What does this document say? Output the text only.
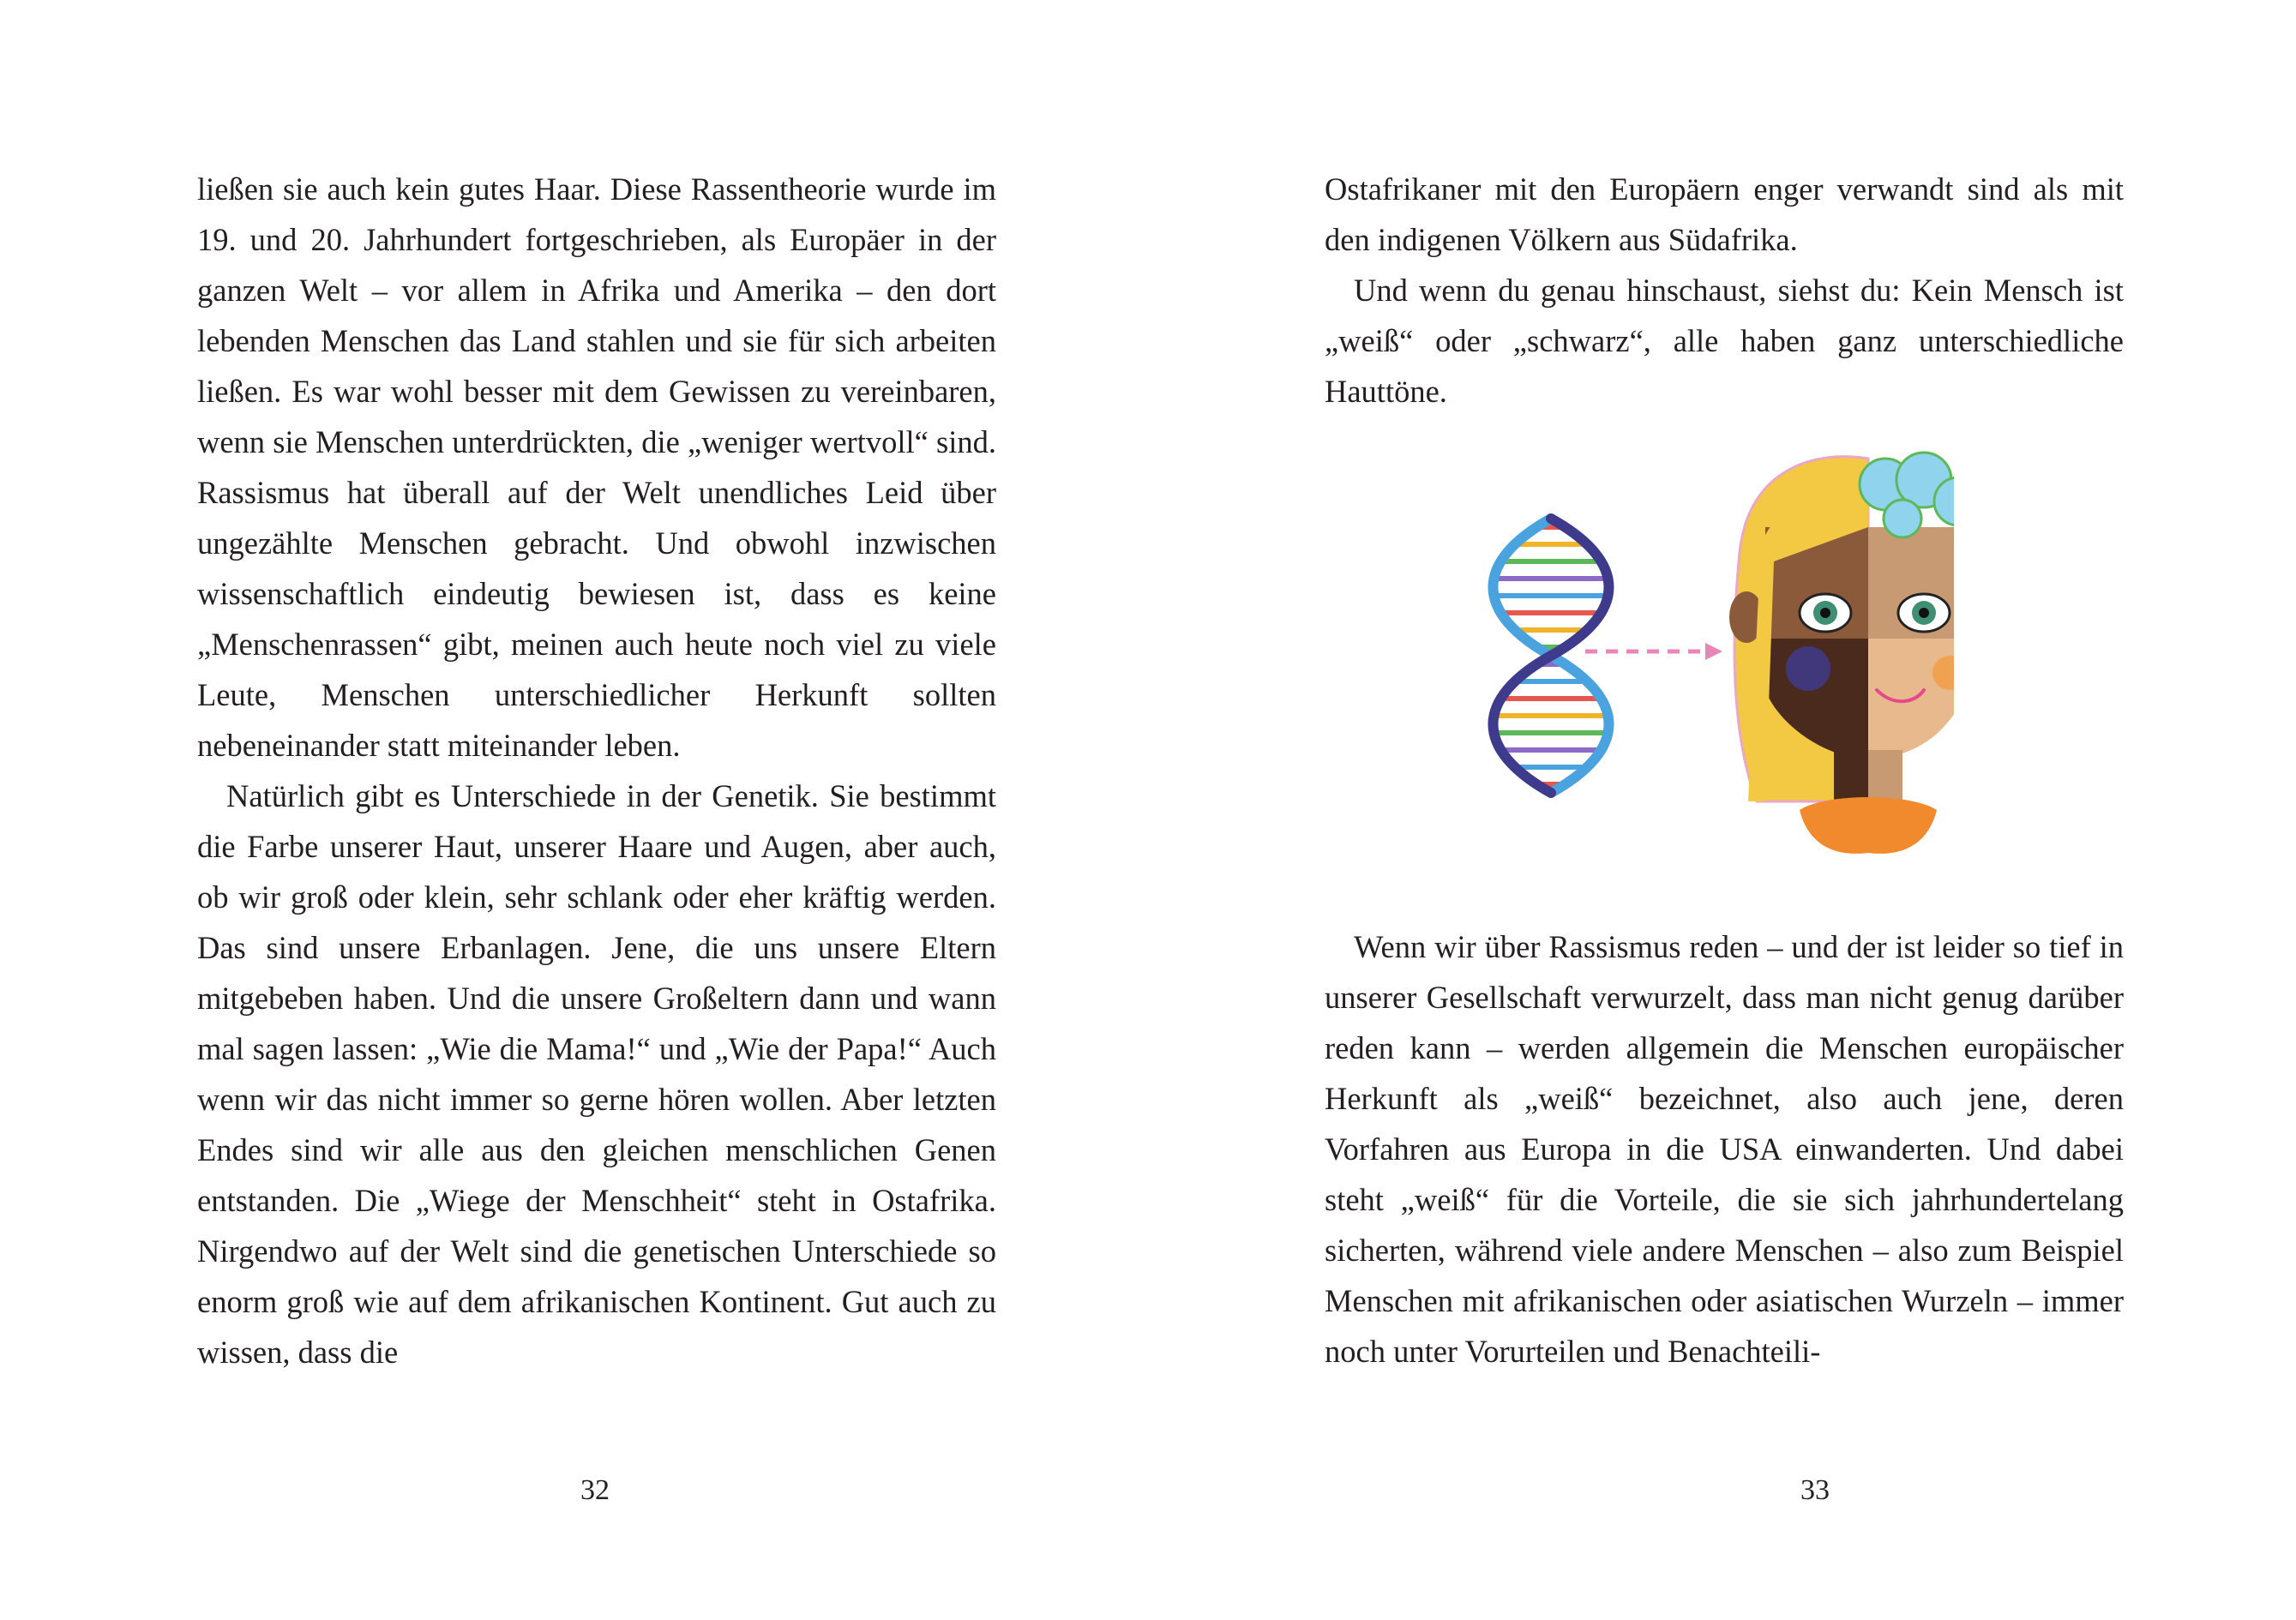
ließen sie auch kein gutes Haar. Diese Rassentheorie wurde im 19. und 20. Jahrhundert fortgeschrieben, als Europäer in der ganzen Welt – vor allem in Afrika und Amerika – den dort lebenden Menschen das Land stahlen und sie für sich arbeiten ließen. Es war wohl besser mit dem Gewissen zu vereinbaren, wenn sie Menschen unterdrückten, die „weniger wertvoll“ sind. Rassismus hat überall auf der Welt unendliches Leid über ungezählte Menschen gebracht. Und obwohl inzwischen wissenschaftlich eindeutig bewiesen ist, dass es keine „Menschenrassen“ gibt, meinen auch heute noch viel zu viele Leute, Menschen unterschiedlicher Herkunft sollten nebeneinander statt miteinander leben.

Natürlich gibt es Unterschiede in der Genetik. Sie bestimmt die Farbe unserer Haut, unserer Haare und Augen, aber auch, ob wir groß oder klein, sehr schlank oder eher kräftig werden. Das sind unsere Erbanlagen. Jene, die uns unsere Eltern mitgebeben haben. Und die unsere Großeltern dann und wann mal sagen lassen: „Wie die Mama!“ und „Wie der Papa!“ Auch wenn wir das nicht immer so gerne hören wollen. Aber letzten Endes sind wir alle aus den gleichen menschlichen Genen entstanden. Die „Wiege der Menschheit“ steht in Ostafrika. Nirgendwo auf der Welt sind die genetischen Unterschiede so enorm groß wie auf dem afrikanischen Kontinent. Gut auch zu wissen, dass die

32

Ostafrikaner mit den Europäern enger verwandt sind als mit den indigenen Völkern aus Südafrika.

Und wenn du genau hinschaust, siehst du: Kein Mensch ist „weiß“ oder „schwarz“, alle haben ganz unterschiedliche Hauttöne.

Wenn wir über Rassismus reden – und der ist leider so tief in unserer Gesellschaft verwurzelt, dass man nicht genug darüber reden kann – werden allgemein die Menschen europäischer Herkunft als „weiß“ bezeichnet, also auch jene, deren Vorfahren aus Europa in die USA einwanderten. Und dabei steht „weiß“ für die Vorteile, die sie sich jahrhundertelang sicherten, während viele andere Menschen – also zum Beispiel Menschen mit afrikanischen oder asiatischen Wurzeln – immer noch unter Vorurteilen und Benachteili-

33
